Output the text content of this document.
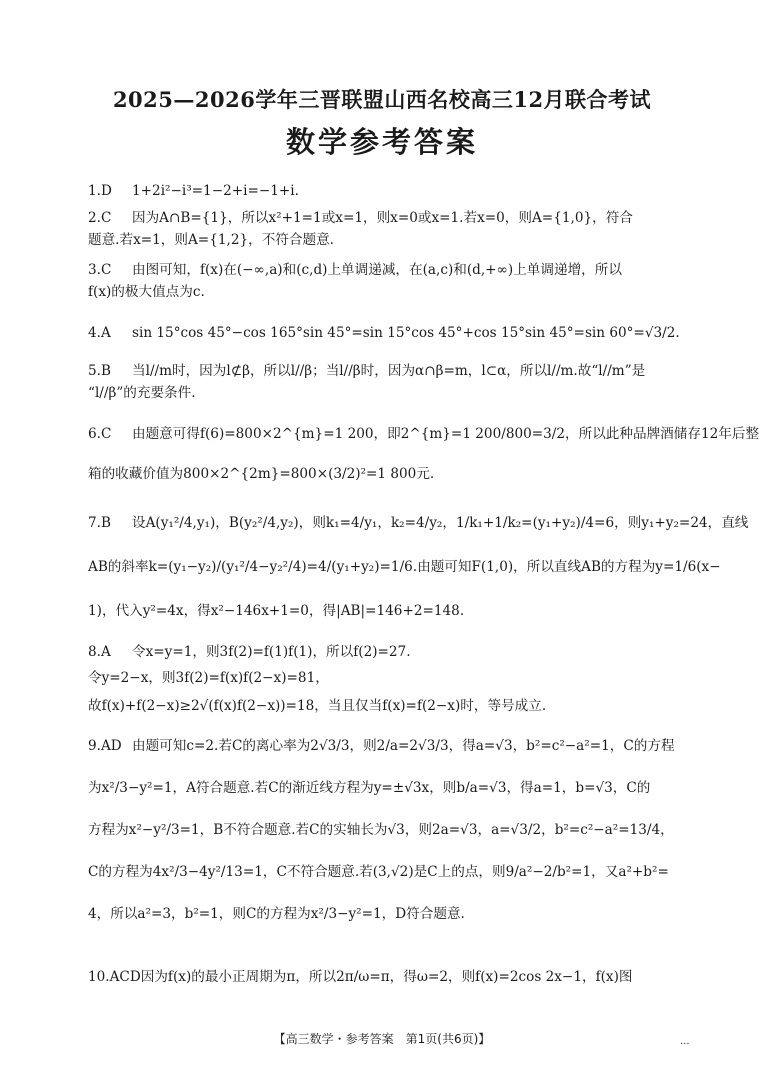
2025—2026学年三晋联盟山西名校高三12月联合考试
数学参考答案
1.D 1+2i²−i³=1−2+i=−1+i.
2.C 因为A∩B={1}，所以x²+1=1或x=1，则x=0或x=1.若x=0，则A={1,0}，符合
题意.若x=1，则A={1,2}，不符合题意.
3.C 由图可知，f(x)在(−∞,a)和(c,d)上单调递减，在(a,c)和(d,+∞)上单调递增，所以
f(x)的极大值点为c.
4.A sin 15°cos 45°−cos 165°sin 45°=sin 15°cos 45°+cos 15°sin 45°=sin 60°=√3/2.
5.B 当l//m时，因为l⊄β，所以l//β；当l//β时，因为α∩β=m，l⊂α，所以l//m.故“l//m”是
“l//β”的充要条件.
6.C 由题意可得f(6)=800×2^{m}=1 200，即2^{m}=1 200/800=3/2，所以此种品牌酒储存12年后整
箱的收藏价值为800×2^{2m}=800×(3/2)²=1 800元.
7.B 设A(y₁²/4,y₁)，B(y₂²/4,y₂)，则k₁=4/y₁，k₂=4/y₂，1/k₁+1/k₂=(y₁+y₂)/4=6，则y₁+y₂=24，直线
AB的斜率k=(y₁−y₂)/(y₁²/4−y₂²/4)=4/(y₁+y₂)=1/6.由题可知F(1,0)，所以直线AB的方程为y=1/6(x−
1)，代入y²=4x，得x²−146x+1=0，得|AB|=146+2=148.
8.A 令x=y=1，则3f(2)=f(1)f(1)，所以f(2)=27.
令y=2−x，则3f(2)=f(x)f(2−x)=81，
故f(x)+f(2−x)≥2√(f(x)f(2−x))=18，当且仅当f(x)=f(2−x)时，等号成立.
9.AD 由题可知c=2.若C的离心率为2√3/3，则2/a=2√3/3，得a=√3，b²=c²−a²=1，C的方程
为x²/3−y²=1，A符合题意.若C的渐近线方程为y=±√3x，则b/a=√3，得a=1，b=√3，C的
方程为x²−y²/3=1，B不符合题意.若C的实轴长为√3，则2a=√3，a=√3/2，b²=c²−a²=13/4，
C的方程为4x²/3−4y²/13=1，C不符合题意.若(3,√2)是C上的点，则9/a²−2/b²=1，又a²+b²=
4，所以a²=3，b²=1，则C的方程为x²/3−y²=1，D符合题意.
10.ACD因为f(x)的最小正周期为π，所以2π/ω=π，得ω=2，则f(x)=2cos 2x−1，f(x)图
【高三数学・参考答案　第1页(共6页)】	...
